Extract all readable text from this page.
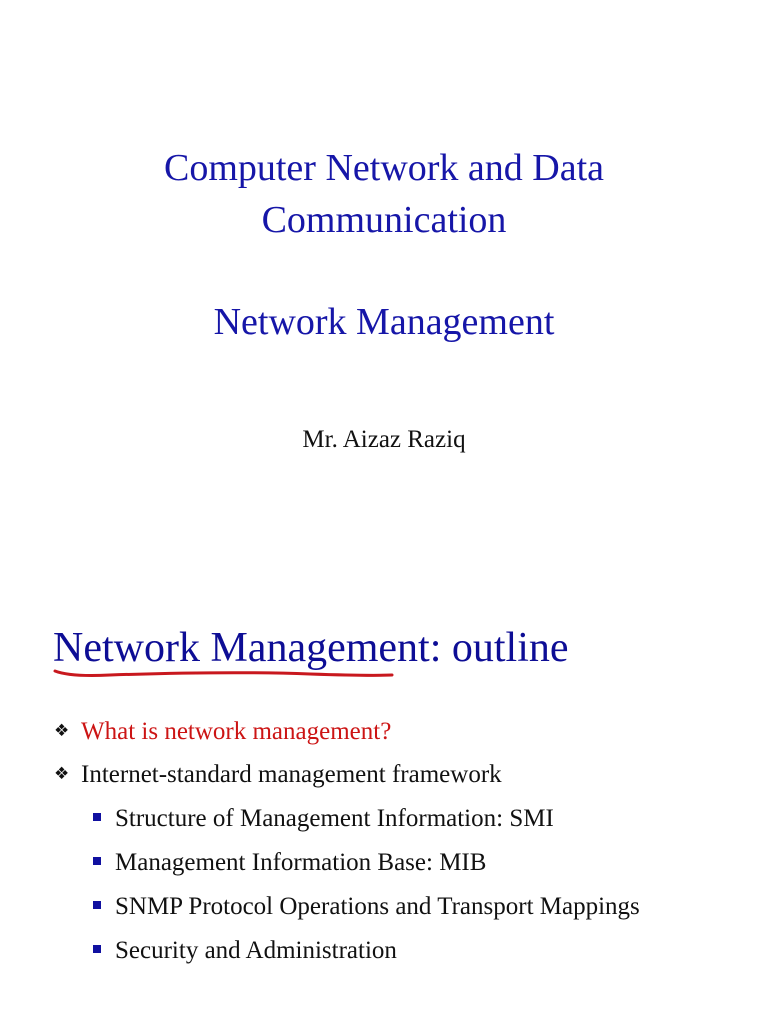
Computer Network and Data
Communication
Network Management
Mr. Aizaz Raziq
Network Management: outline
❖ What is network management?
❖ Internet-standard management framework
Structure of Management Information: SMI
Management Information Base: MIB
SNMP Protocol Operations and Transport Mappings
Security and Administration
